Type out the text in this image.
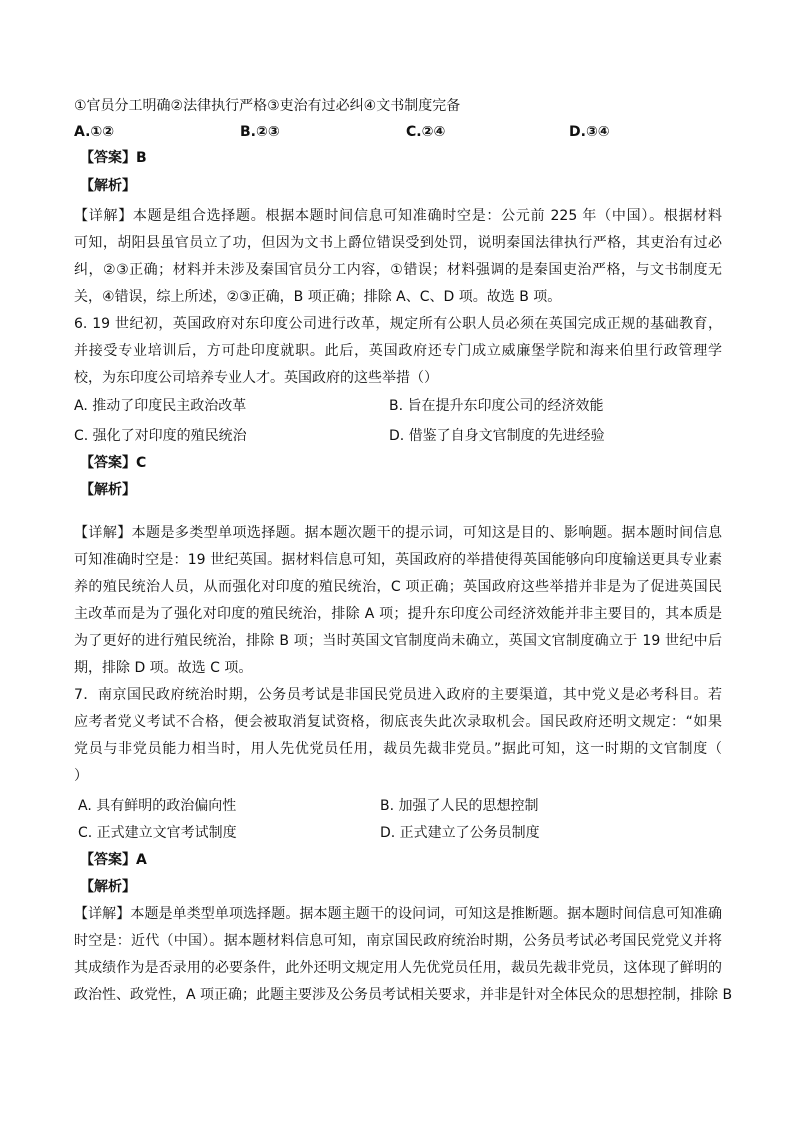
①官员分工明确②法律执行严格③吏治有过必纠④文书制度完备
A.①②	B.②③	C.②④	D.③④
【答案】B
【解析】
【详解】本题是组合选择题。根据本题时间信息可知准确时空是：公元前 225 年（中国）。根据材料
可知，胡阳县虽官员立了功，但因为文书上爵位错误受到处罚，说明秦国法律执行严格，其吏治有过必
纠，②③正确；材料并未涉及秦国官员分工内容，①错误；材料强调的是秦国吏治严格，与文书制度无
关，④错误，综上所述，②③正确，B 项正确；排除 A、C、D 项。故选 B 项。
6. 19 世纪初，英国政府对东印度公司进行改革，规定所有公职人员必须在英国完成正规的基础教育，
并接受专业培训后，方可赴印度就职。此后，英国政府还专门成立威廉堡学院和海来伯里行政管理学
校，为东印度公司培养专业人才。英国政府的这些举措（）
A. 推动了印度民主政治改革	B. 旨在提升东印度公司的经济效能
C. 强化了对印度的殖民统治	D. 借鉴了自身文官制度的先进经验
【答案】C
【解析】
【详解】本题是多类型单项选择题。据本题次题干的提示词，可知这是目的、影响题。据本题时间信息
可知准确时空是：19 世纪英国。据材料信息可知，英国政府的举措使得英国能够向印度输送更具专业素
养的殖民统治人员，从而强化对印度的殖民统治，C 项正确；英国政府这些举措并非是为了促进英国民
主改革而是为了强化对印度的殖民统治，排除 A 项；提升东印度公司经济效能并非主要目的，其本质是
为了更好的进行殖民统治，排除 B 项；当时英国文官制度尚未确立，英国文官制度确立于 19 世纪中后
期，排除 D 项。故选 C 项。
7．南京国民政府统治时期，公务员考试是非国民党员进入政府的主要渠道，其中党义是必考科目。若
应考者党义考试不合格，便会被取消复试资格，彻底丧失此次录取机会。国民政府还明文规定：“如果
党员与非党员能力相当时，用人先优党员任用，裁员先裁非党员。”据此可知，这一时期的文官制度（
）
A. 具有鲜明的政治偏向性	B. 加强了人民的思想控制
C. 正式建立文官考试制度	D. 正式建立了公务员制度
【答案】A
【解析】
【详解】本题是单类型单项选择题。据本题主题干的设问词，可知这是推断题。据本题时间信息可知准确
时空是：近代（中国）。据本题材料信息可知，南京国民政府统治时期，公务员考试必考国民党党义并将
其成绩作为是否录用的必要条件，此外还明文规定用人先优党员任用，裁员先裁非党员，这体现了鲜明的
政治性、政党性，A 项正确；此题主要涉及公务员考试相关要求，并非是针对全体民众的思想控制，排除 B
